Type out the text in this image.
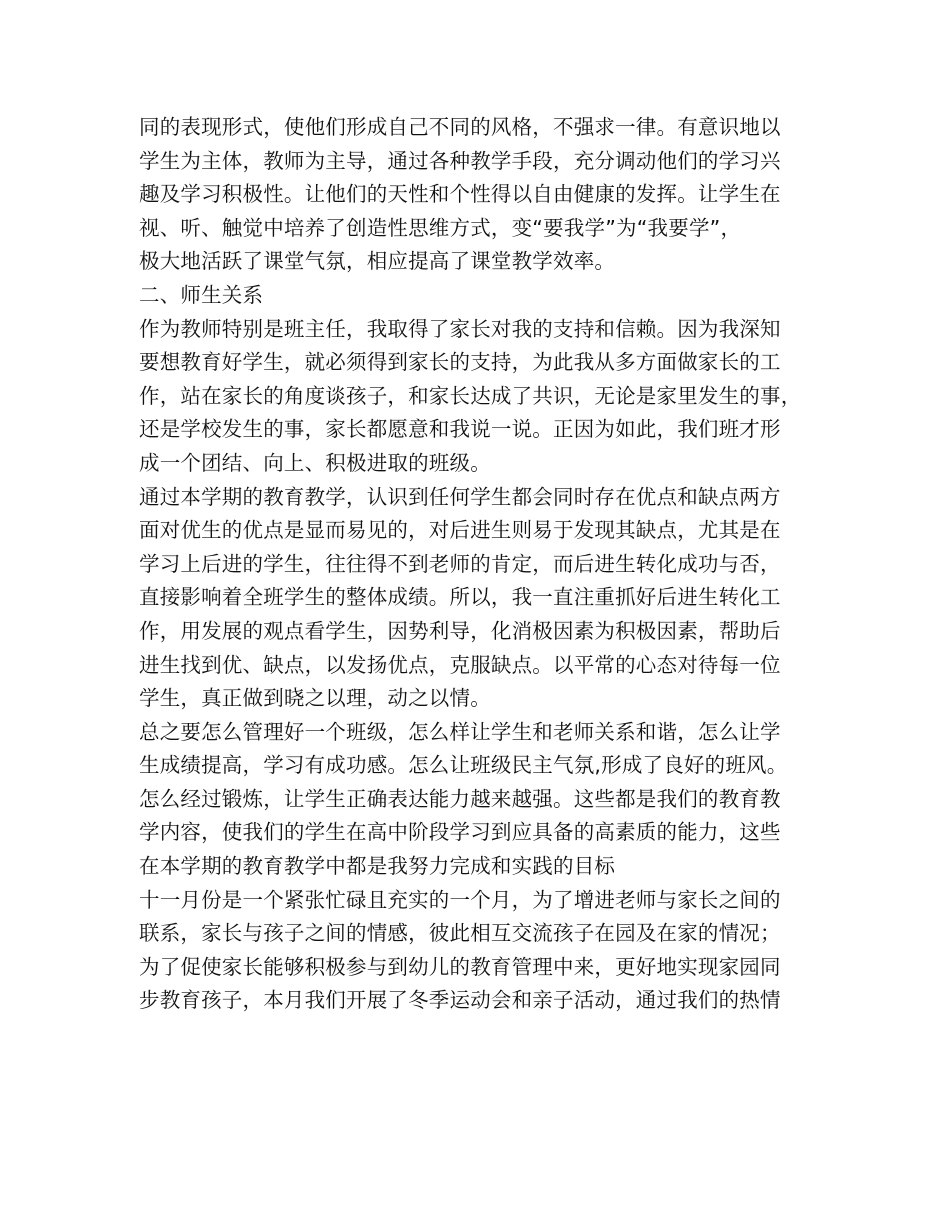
同的表现形式，使他们形成自己不同的风格，不强求一律。有意识地以
学生为主体，教师为主导，通过各种教学手段，充分调动他们的学习兴
趣及学习积极性。让他们的天性和个性得以自由健康的发挥。让学生在
视、听、触觉中培养了创造性思维方式，变“要我学”为“我要学”，
极大地活跃了课堂气氛，相应提高了课堂教学效率。
二、师生关系
作为教师特别是班主任，我取得了家长对我的支持和信赖。因为我深知
要想教育好学生，就必须得到家长的支持，为此我从多方面做家长的工
作，站在家长的角度谈孩子，和家长达成了共识，无论是家里发生的事，
还是学校发生的事，家长都愿意和我说一说。正因为如此，我们班才形
成一个团结、向上、积极进取的班级。
通过本学期的教育教学，认识到任何学生都会同时存在优点和缺点两方
面对优生的优点是显而易见的，对后进生则易于发现其缺点，尤其是在
学习上后进的学生，往往得不到老师的肯定，而后进生转化成功与否，
直接影响着全班学生的整体成绩。所以，我一直注重抓好后进生转化工
作，用发展的观点看学生，因势利导，化消极因素为积极因素，帮助后
进生找到优、缺点，以发扬优点，克服缺点。以平常的心态对待每一位
学生，真正做到晓之以理，动之以情。
总之要怎么管理好一个班级，怎么样让学生和老师关系和谐，怎么让学
生成绩提高，学习有成功感。怎么让班级民主气氛,形成了良好的班风。
怎么经过锻炼，让学生正确表达能力越来越强。这些都是我们的教育教
学内容，使我们的学生在高中阶段学习到应具备的高素质的能力，这些
在本学期的教育教学中都是我努力完成和实践的目标
十一月份是一个紧张忙碌且充实的一个月，为了增进老师与家长之间的
联系，家长与孩子之间的情感，彼此相互交流孩子在园及在家的情况；
为了促使家长能够积极参与到幼儿的教育管理中来，更好地实现家园同
步教育孩子，本月我们开展了冬季运动会和亲子活动，通过我们的热情
